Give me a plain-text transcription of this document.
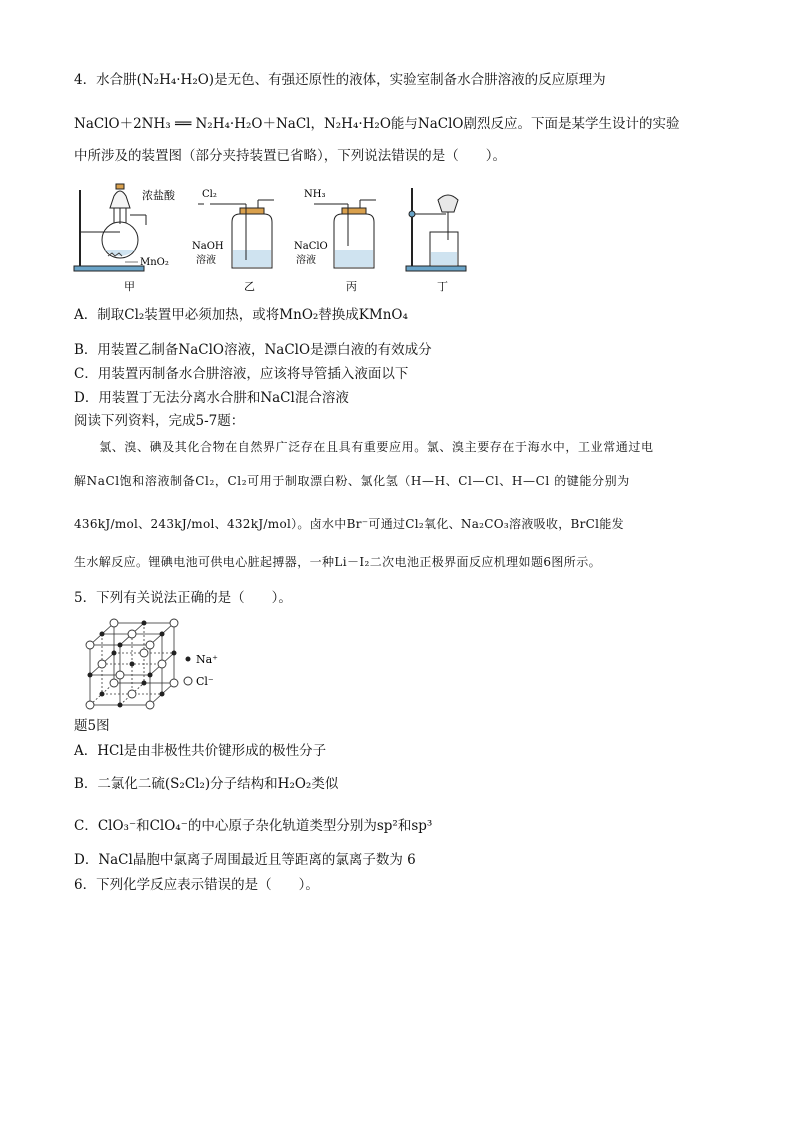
4．水合肼(N₂H₄·H₂O)是无色、有强还原性的液体，实验室制备水合肼溶液的反应原理为
NaClO＋2NH₃ ══ N₂H₄·H₂O＋NaCl，N₂H₄·H₂O能与NaClO剧烈反应。下面是某学生设计的实验
中所涉及的装置图（部分夹持装置已省略），下列说法错误的是（　　）。
浓盐酸
MnO₂
甲
Cl₂
NaOH
溶液
乙
NH₃
NaClO
溶液
丙	丁
A．制取Cl₂装置甲必须加热，或将MnO₂替换成KMnO₄
B．用装置乙制备NaClO溶液，NaClO是漂白液的有效成分
C．用装置丙制备水合肼溶液，应该将导管插入液面以下
D．用装置丁无法分离水合肼和NaCl混合溶液
阅读下列资料，完成5-7题：
　　氯、溴、碘及其化合物在自然界广泛存在且具有重要应用。氯、溴主要存在于海水中，工业常通过电
解NaCl饱和溶液制备Cl₂，Cl₂可用于制取漂白粉、氯化氢（H—H、Cl—Cl、H—Cl 的键能分别为
436kJ/mol、243kJ/mol、432kJ/mol）。卤水中Br⁻可通过Cl₂氧化、Na₂CO₃溶液吸收，BrCl能发
生水解反应。锂碘电池可供电心脏起搏器，一种Li－I₂二次电池正极界面反应机理如题6图所示。
5．下列有关说法正确的是（　　）。
Na⁺
Cl⁻
题5图
A．HCl是由非极性共价键形成的极性分子
B．二氯化二硫(S₂Cl₂)分子结构和H₂O₂类似
C．ClO₃⁻和ClO₄⁻的中心原子杂化轨道类型分别为sp²和sp³
D．NaCl晶胞中氯离子周围最近且等距离的氯离子数为 6
6．下列化学反应表示错误的是（　　）。
